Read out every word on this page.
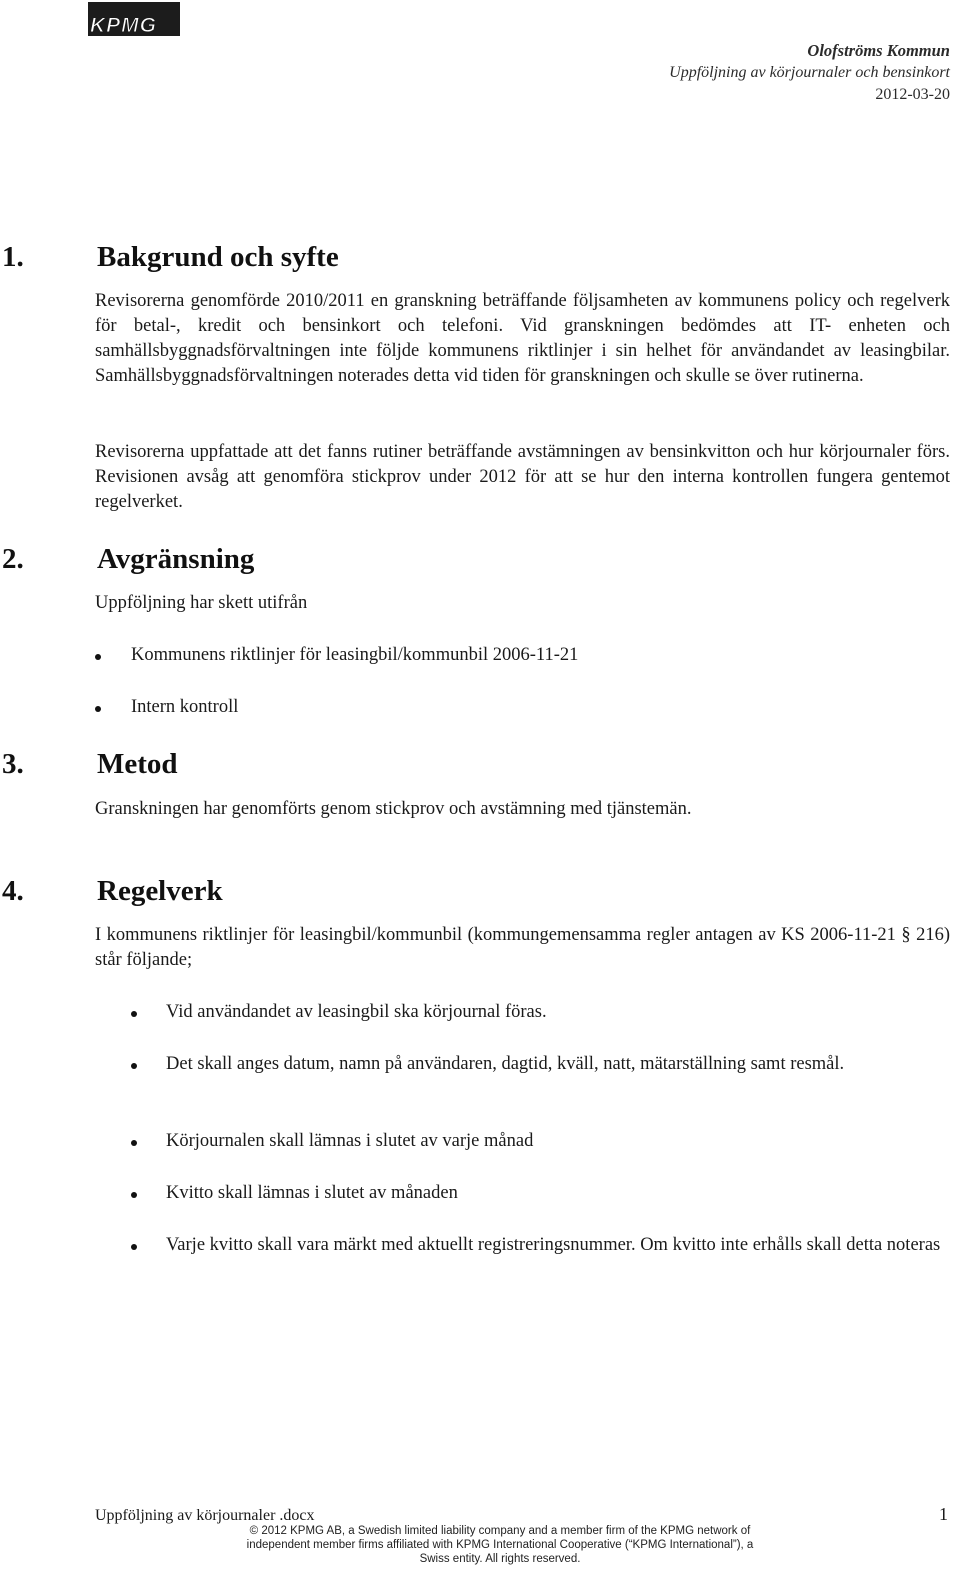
KPMG
Olofströms Kommun
Uppföljning av körjournaler och bensinkort
2012-03-20
1.	Bakgrund och syfte

Revisorerna genomförde 2010/2011 en granskning beträffande följsamheten av kommunens policy och regelverk för betal-, kredit och bensinkort och telefoni. Vid granskningen bedömdes att IT- enheten och samhällsbyggnadsförvaltningen inte följde kommunens riktlinjer i sin helhet för användandet av leasingbilar. Samhällsbyggnadsförvaltningen noterades detta vid tiden för granskningen och skulle se över rutinerna.

Revisorerna uppfattade att det fanns rutiner beträffande avstämningen av bensinkvitton och hur körjournaler förs. Revisionen avsåg att genomföra stickprov under 2012 för att se hur den interna kontrollen fungera gentemot regelverket.

2.	Avgränsning

Uppföljning har skett utifrån

Kommunens riktlinjer för leasingbil/kommunbil 2006-11-21

Intern kontroll

3.	Metod

Granskningen har genomförts genom stickprov och avstämning med tjänstemän.

4.	Regelverk

I kommunens riktlinjer för leasingbil/kommunbil (kommungemensamma regler antagen av KS 2006-11-21 § 216) står följande;

Vid användandet av leasingbil ska körjournal föras.

Det skall anges datum, namn på användaren, dagtid, kväll, natt, mätarställning samt resmål.

Körjournalen skall lämnas i slutet av varje månad

Kvitto skall lämnas i slutet av månaden

Varje kvitto skall vara märkt med aktuellt registreringsnummer. Om kvitto inte erhålls skall detta noteras

Uppföljning av körjournaler .docx	1
© 2012 KPMG AB, a Swedish limited liability company and a member firm of the KPMG network of independent member firms affiliated with KPMG International Cooperative (“KPMG International”), a Swiss entity. All rights reserved.
